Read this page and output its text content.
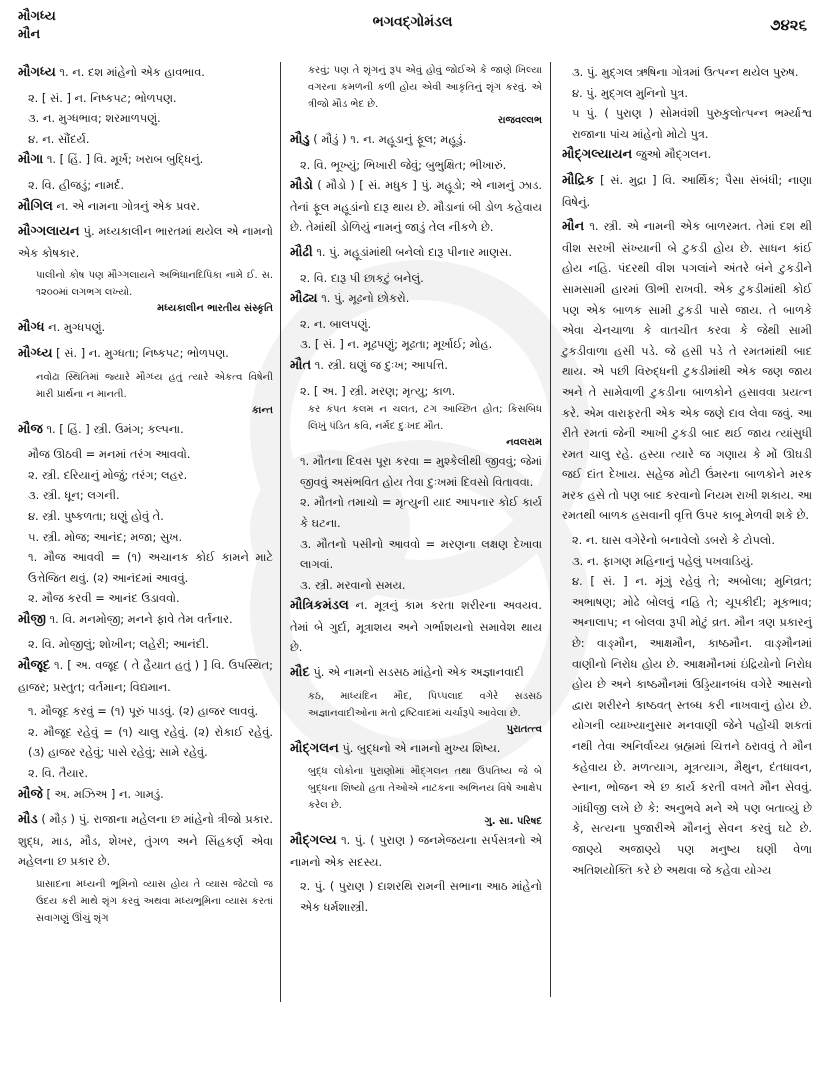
મૌગધ્ય
મૌન
ભગવદ્ગોમંડલ	૭૪૨૬
મૌગધ્ય ૧. ન. દશ માંહેનો એક હાવભાવ.
૨. [ સં. ] ન. નિષ્કપટ; ભોળપણ.
૩. ન. મુગ્ધભાવ; શરમાળપણું.
૪. ન. સૌંદર્ય.
મૌગા ૧. [ હિં. ] વિ. મૂર્ખ; ખરાબ બુદ્ધિનું.
૨. વિ. હીજડું; નામર્દ.
મૌગિલ ન. એ નામના ગોત્રનું એક પ્રવર.
મૌગ્ગલાયન પું. મધ્યકાલીન ભારતમાં થયેલ એ નામનો એક કોષકાર.
પાલીનો કોષ પણ મૌગ્ગલાયને અભિધાનદિપિકા નામે ઈ. સ. ૧૨૦૦માં લગભગ લખ્યો.
મધ્યકાલીન ભારતીય સંસ્કૃતિ
મૌગ્ધ ન. મુગ્ધપણું.
મૌગ્ધ્ય [ સં. ] ન. મુગ્ધતા; નિષ્કપટ; ભોળપણ.
નવોઢા સ્થિતિમાં જ્યારે મૌગ્ધ્ય હતું ત્યારે એકત્વ વિષેની મારી પ્રાર્થના ન માનતી.
કાન્ત
મૌજ ૧. [ હિં. ] સ્ત્રી. ઉમંગ; કલ્પના.
મૌજ ઊઠવી = મનમાં તરંગ આવવો.
૨. સ્ત્રી. દરિયાનું મોજું; તરંગ; લહર.
૩. સ્ત્રી. ધૂન; લગની.
૪. સ્ત્રી. પુષ્કળતા; ઘણું હોવું તે.
૫. સ્ત્રી. મોજ; આનંદ; મજા; સુખ.
૧. મૌજ આવવી = (૧) અચાનક કોઈ કામને માટે ઉત્તેજિત થવું. (૨) આનંદમાં આવવું.
૨. મૌજ કરવી = આનંદ ઉડાવવો.
મૌજી ૧. વિ. મનમોજી; મનને ફાવે તેમ વર્તનાર.
૨. વિ. મોજીલું; શોખીન; લહેરી; આનંદી.
મૌજૂદ ૧. [ અ. વજૂદ ( તે હૈયાત હતું ) ] વિ. ઉપસ્થિત; હાજર; પ્રસ્તુત; વર્તમાન; વિદ્યમાન.
૧. મૌજૂદ કરવું = (૧) પૂરું પાડવું. (૨) હાજર લાવવું.
૨. મૌજૂદ રહેવું = (૧) ચાલુ રહેવું. (૨) રોકાઈ રહેવું. (૩) હાજર રહેવું; પાસે રહેવું; સામે રહેવું.
૨. વિ. તૈયાર.
મૌજે [ અ. મઝિઅ ] ન. ગામડું.
મૌડ ( મૌડ઼ ) પું. રાજાના મહેલના છ માંહેનો ત્રીજો પ્રકાર. શુદ્ધ, માડ, મૌડ, શેખર, તુંગળ અને સિંહકર્ણ એવા મહેલના છ પ્રકાર છે.
પ્રાસાદના મધ્યની ભૂમિનો વ્યાસ હોય તે વ્યાસ જેટલો જ ઉદય કરી માથે શૃંગ કરવું અથવા મધ્યભૂમિના વ્યાસ કરતાં સવાગણું ઊંચું શૃંગ
કરવું; પણ તે શૃંગનું રૂપ એવું હોવું જોઈએ કે જાણે ખિલ્યા વગરના કમળની કળી હોય એવી આકૃતિનું શૃંગ કરવું. એ ત્રીજો મૌડ ભેદ છે.
રાજવલ્લભ
મૌડુ ( મૌડું ) ૧. ન. મહૂડાનું ફૂલ; મહૂડું.
૨. વિ. ભૂખ્યું; ભિખારી જેવું; બુભુક્ષિત; ભીખારું.
મૌડો ( મૌડો ) [ સં. મધુક ] પું. મહૂડો; એ નામનું ઝાડ. તેનાં ફૂલ મહૂડાંનો દારૂ થાય છે. મૌડાનાં બી ડોળ કહેવાય છે. તેમાંથી ડોળિયું નામનું જાડું તેલ નીકળે છે.
મૌઢી ૧. પું. મહૂડાંમાંથી બનેલો દારૂ પીનાર માણસ.
૨. વિ. દારૂ પી છાકટું બનેલું.
મૌઢ્ય ૧. પું. મૂઢનો છોકરો.
૨. ન. બાલપણું.
૩. [ સં. ] ન. મૂઢપણું; મૂઢતા; મૂર્ખાઈ; મોહ.
મૌત ૧. સ્ત્રી. ઘણું જ દુઃખ; આપત્તિ.
૨. [ અ. ] સ્ત્રી. મરણ; મૃત્યુ; કાળ.
કર કંપત કલમ ન ચલત, ટગ આચ્છિત હોત; કિસબિધ લિખું પંડિત કવિ, નર્મદ દુઃખદ મૌત.
નવલરામ
૧. મૌતના દિવસ પૂરા કરવા = મુશ્કેલીથી જીવવું; જેમાં જીવવું અસંભવિત હોય તેવા દુઃખમાં દિવસો વિતાવવા.
૨. મૌતનો તમાચો = મૃત્યુની યાદ આપનાર કોઈ કાર્ય કે ઘટના.
૩. મૌતનો પસીનો આવવો = મરણના લક્ષણ દેખાવા લાગવાં.
૩. સ્ત્રી. મરવાનો સમય.
મૌત્રિકમંડલ ન. મૂત્રનું કામ કરતા શરીરના અવયવ. તેમાં બે ગુર્દા, મૂત્રાશય અને ગર્ભાશયનો સમાવેશ થાય છે.
મૌદ પું. એ નામનો સડસઠ માંહેનો એક અજ્ઞાનવાદી
કઠ, માધ્યંદિન મૌદ, પિપ્પલાદ વગેરે સડસઠ અજ્ઞાનવાદીઓના મતો દ્રષ્ટિવાદમાં ચર્ચારૂપે આવેલા છે.
પુરાતત્ત્વ
મૌદ્ગલન પું. બુદ્ધનો એ નામનો મુખ્ય શિષ્ય.
બુદ્ધ લોકોના પુરાણોમાં મૌદ્ગલન તથા ઉપતિષ્ય જે બે બુદ્ધના શિષ્યો હતા તેઓએ નાટકના અભિનય વિષે આક્ષેપ કરેલ છે.
ગુ. સા. પરિષદ
મૌદ્ગલ્ય ૧. પું. ( પુરાણ ) જનમેજયના સર્પસત્રનો એ નામનો એક સદસ્ય.
૨. પું. ( પુરાણ ) દાશરથિ રામની સભાના આઠ માંહેનો એક ધર્મશાસ્ત્રી.
૩. પું. મુદ્ગલ ઋષિના ગોત્રમાં ઉત્પન્ન થયેલ પુરુષ.
૪. પું. મુદ્ગલ મુનિનો પુત્ર.
૫ પું. ( પુરાણ ) સોમવંશી પુરુકુલોત્પન્ન ભર્મ્યાશ્વ રાજાના પાંચ માંહેનો મોટો પુત્ર.
મૌદ્ગલ્યાયન જુઓ મૌદ્ગલન.
મૌદ્રિક [ સં. મુદ્રા ] વિ. આર્થિક; પૈસા સંબંધી; નાણા વિષેનું.
મૌન ૧. સ્ત્રી. એ નામની એક બાળરમત. તેમાં દશ થી વીશ સરખી સંખ્યાની બે ટુકડી હોય છે. સાધન કાંઈ હોય નહિ. પંદરથી વીશ પગલાંને અંતરે બંને ટુકડીને સામસામી હારમાં ઊભી રાખવી. એક ટુકડીમાંથી કોઈ પણ એક બાળક સામી ટુકડી પાસે જાય. તે બાળકે એવા ચેનચાળા કે વાતચીત કરવા કે જેથી સામી ટુકડીવાળા હસી પડે. જે હસી પડે તે રમતમાંથી બાદ થાય. એ પછી વિરુદ્ધની ટુકડીમાંથી એક જણ જાય અને તે સામેવાળી ટુકડીના બાળકોને હસાવવા પ્રયત્ન કરે. એમ વારાફરતી એક એક જણે દાવ લેવા જવું. આ રીતે રમતાં જેની આખી ટુકડી બાદ થઈ જાય ત્યાંસુધી રમત ચાલુ રહે. હસ્યા ત્યારે જ ગણાય કે મોં ઊઘડી જઈ દાંત દેખાય. સહેજ મોટી ઉંમરના બાળકોને મરક મરક હસે તો પણ બાદ કરવાનો નિયમ રાખી શકાય. આ રમતથી બાળક હસવાની વૃત્તિ ઉપર કાબૂ મેળવી શકે છે.
૨. ન. ઘાસ વગેરેનો બનાવેલો ડબરો કે ટોપલો.
૩. ન. ફાગણ મહિનાનું પહેલું પખવાડિયું.
૪. [ સં. ] ન. મૂંગું રહેવું તે; અબોલા; મુનિવ્રત; અભાષણ; મોઢે બોલવું નહિ તે; ચૂપકીદી; મૂકભાવ; અનાલાપ; ન બોલવા રૂપી મોટું વ્રત. મૌન ત્રણ પ્રકારનું છે: વાઙ્મૌન, આક્ષમૌન, કાષ્ઠમૌન. વાઙ્મૌનમાં વાણીનો નિરોધ હોય છે. આક્ષમૌનમાં ઇંદ્રિયોનો નિરોધ હોય છે અને કાષ્ઠમૌનમાં ઉડ્ડિયાનબંધ વગેરે આસનો દ્વારા શરીરને કાષ્ઠવત્ સ્તબ્ધ કરી નાખવાનું હોય છે. યોગની વ્યાખ્યાનુસાર મનવાણી જેને પહોંચી શકતાં નથી તેવા અનિર્વાચ્ય બ્રહ્મમાં ચિત્તને ઠરાવવું તે મૌન કહેવાય છે. મળત્યાગ, મૂત્રત્યાગ, મૈથુન, દંતધાવન, સ્નાન, ભોજન એ છ કાર્ય કરતી વખતે મૌન સેવવું. ગાંધીજી લખે છે કે: અનુભવે મને એ પણ બતાવ્યું છે કે, સત્યના પુજારીએ મૌનનું સેવન કરવું ઘટે છે. જાણ્યે અજાણ્યે પણ મનુષ્ય ઘણી વેળા અતિશયોક્તિ કરે છે અથવા જે કહેવા યોગ્ય
